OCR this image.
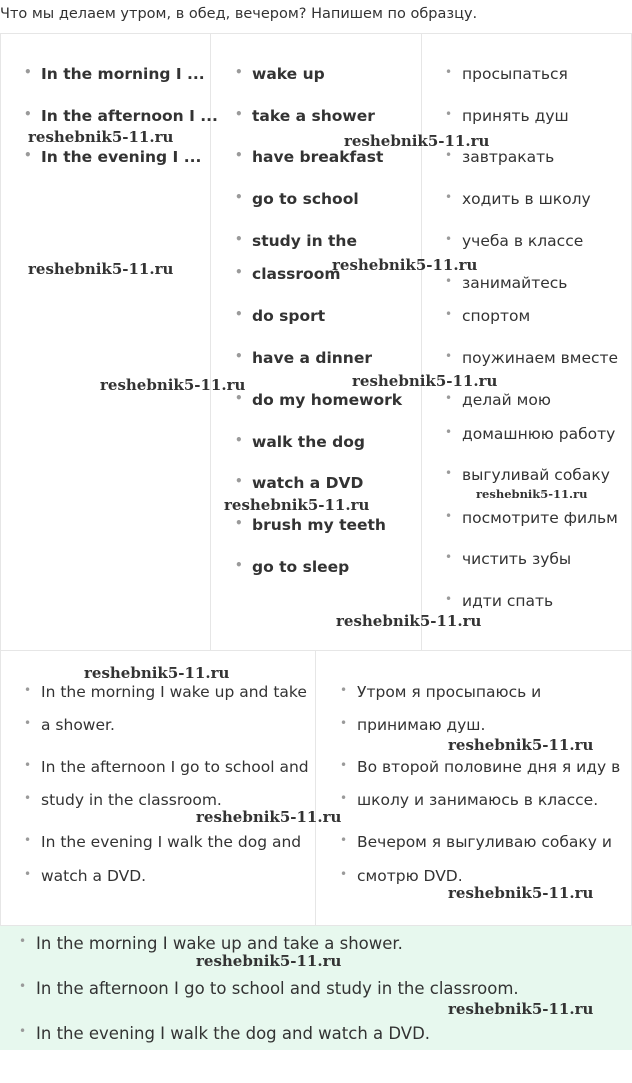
Что мы делаем утром, в обед, вечером? Напишем по образцу.
• In the morning I ...
• In the afternoon I ...
• In the evening I ...
• wake up
• take a shower
• have breakfast
• go to school
• study in the
• classroom
• do sport
• have a dinner
• do my homework
• walk the dog
• watch a DVD
• brush my teeth
• go to sleep
• просыпаться
• принять душ
• завтракать
• ходить в школу
• учеба в классе
• занимайтесь
• спортом
• поужинаем вместе
• делай мою
• домашнюю работу
• выгуливай собаку
• посмотрите фильм
• чистить зубы
• идти спать
• In the morning I wake up and take
• a shower.
• In the afternoon I go to school and
• study in the classroom.
• In the evening I walk the dog and
• watch a DVD.
• Утром я просыпаюсь и
• принимаю душ.
• Во второй половине дня я иду в
• школу и занимаюсь в классе.
• Вечером я выгуливаю собаку и
• смотрю DVD.
• In the morning I wake up and take a shower.
• In the afternoon I go to school and study in the classroom.
• In the evening I walk the dog and watch a DVD.
reshebnik5-11.ru	reshebnik5-11.ru
reshebnik5-11.ru	reshebnik5-11.ru
reshebnik5-11.ru	reshebnik5-11.ru
reshebnik5-11.ru
reshebnik5-11.ru
reshebnik5-11.ru
reshebnik5-11.ru
reshebnik5-11.ru
reshebnik5-11.ru
reshebnik5-11.ru
reshebnik5-11.ru
reshebnik5-11.ru
